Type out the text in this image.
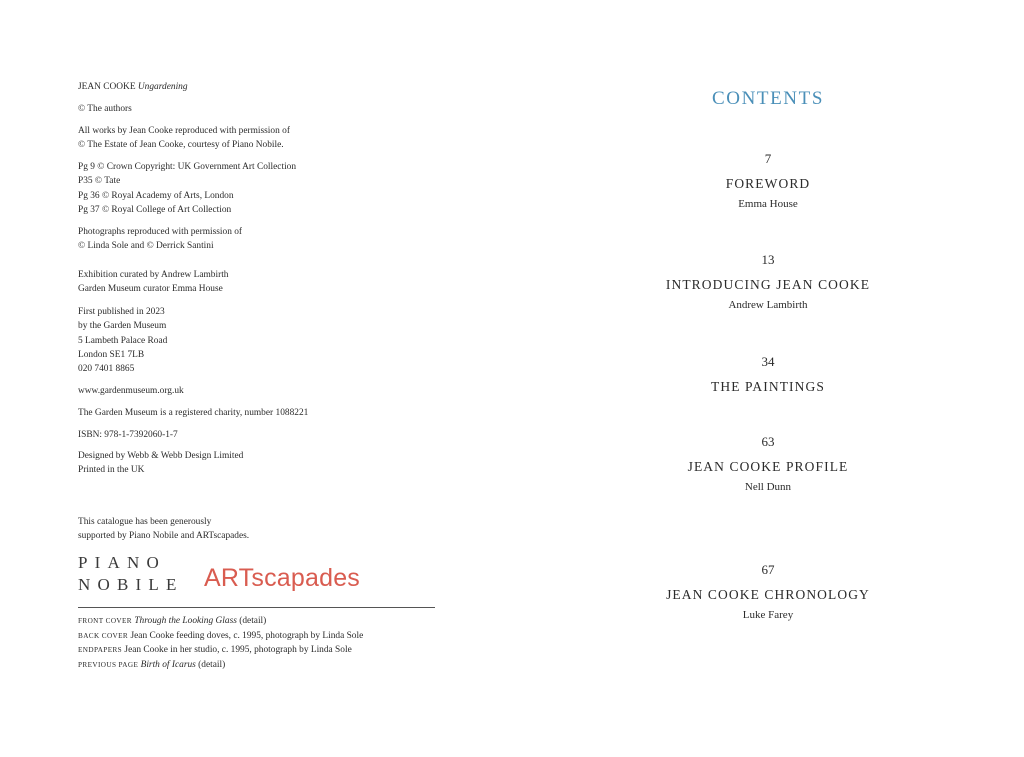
JEAN COOKE Ungardening
© The authors
All works by Jean Cooke reproduced with permission of
© The Estate of Jean Cooke, courtesy of Piano Nobile.
Pg 9 © Crown Copyright: UK Government Art Collection
P35 © Tate
Pg 36 © Royal Academy of Arts, London
Pg 37 © Royal College of Art Collection
Photographs reproduced with permission of
© Linda Sole and © Derrick Santini
Exhibition curated by Andrew Lambirth
Garden Museum curator Emma House
First published in 2023
by the Garden Museum
5 Lambeth Palace Road
London SE1 7LB
020 7401 8865
www.gardenmuseum.org.uk
The Garden Museum is a registered charity, number 1088221
ISBN: 978-1-7392060-1-7
Designed by Webb & Webb Design Limited
Printed in the UK
This catalogue has been generously
supported by Piano Nobile and ARTscapades.
PIANO
NOBILE ARTscapades
FRONT COVER Through the Looking Glass (detail)
BACK COVER Jean Cooke feeding doves, c. 1995, photograph by Linda Sole
ENDPAPERS Jean Cooke in her studio, c. 1995, photograph by Linda Sole
PREVIOUS PAGE Birth of Icarus (detail)
CONTENTS
7
FOREWORD
Emma House
13
INTRODUCING JEAN COOKE
Andrew Lambirth
34
THE PAINTINGS
63
JEAN COOKE PROFILE
Nell Dunn
67
JEAN COOKE CHRONOLOGY
Luke Farey
